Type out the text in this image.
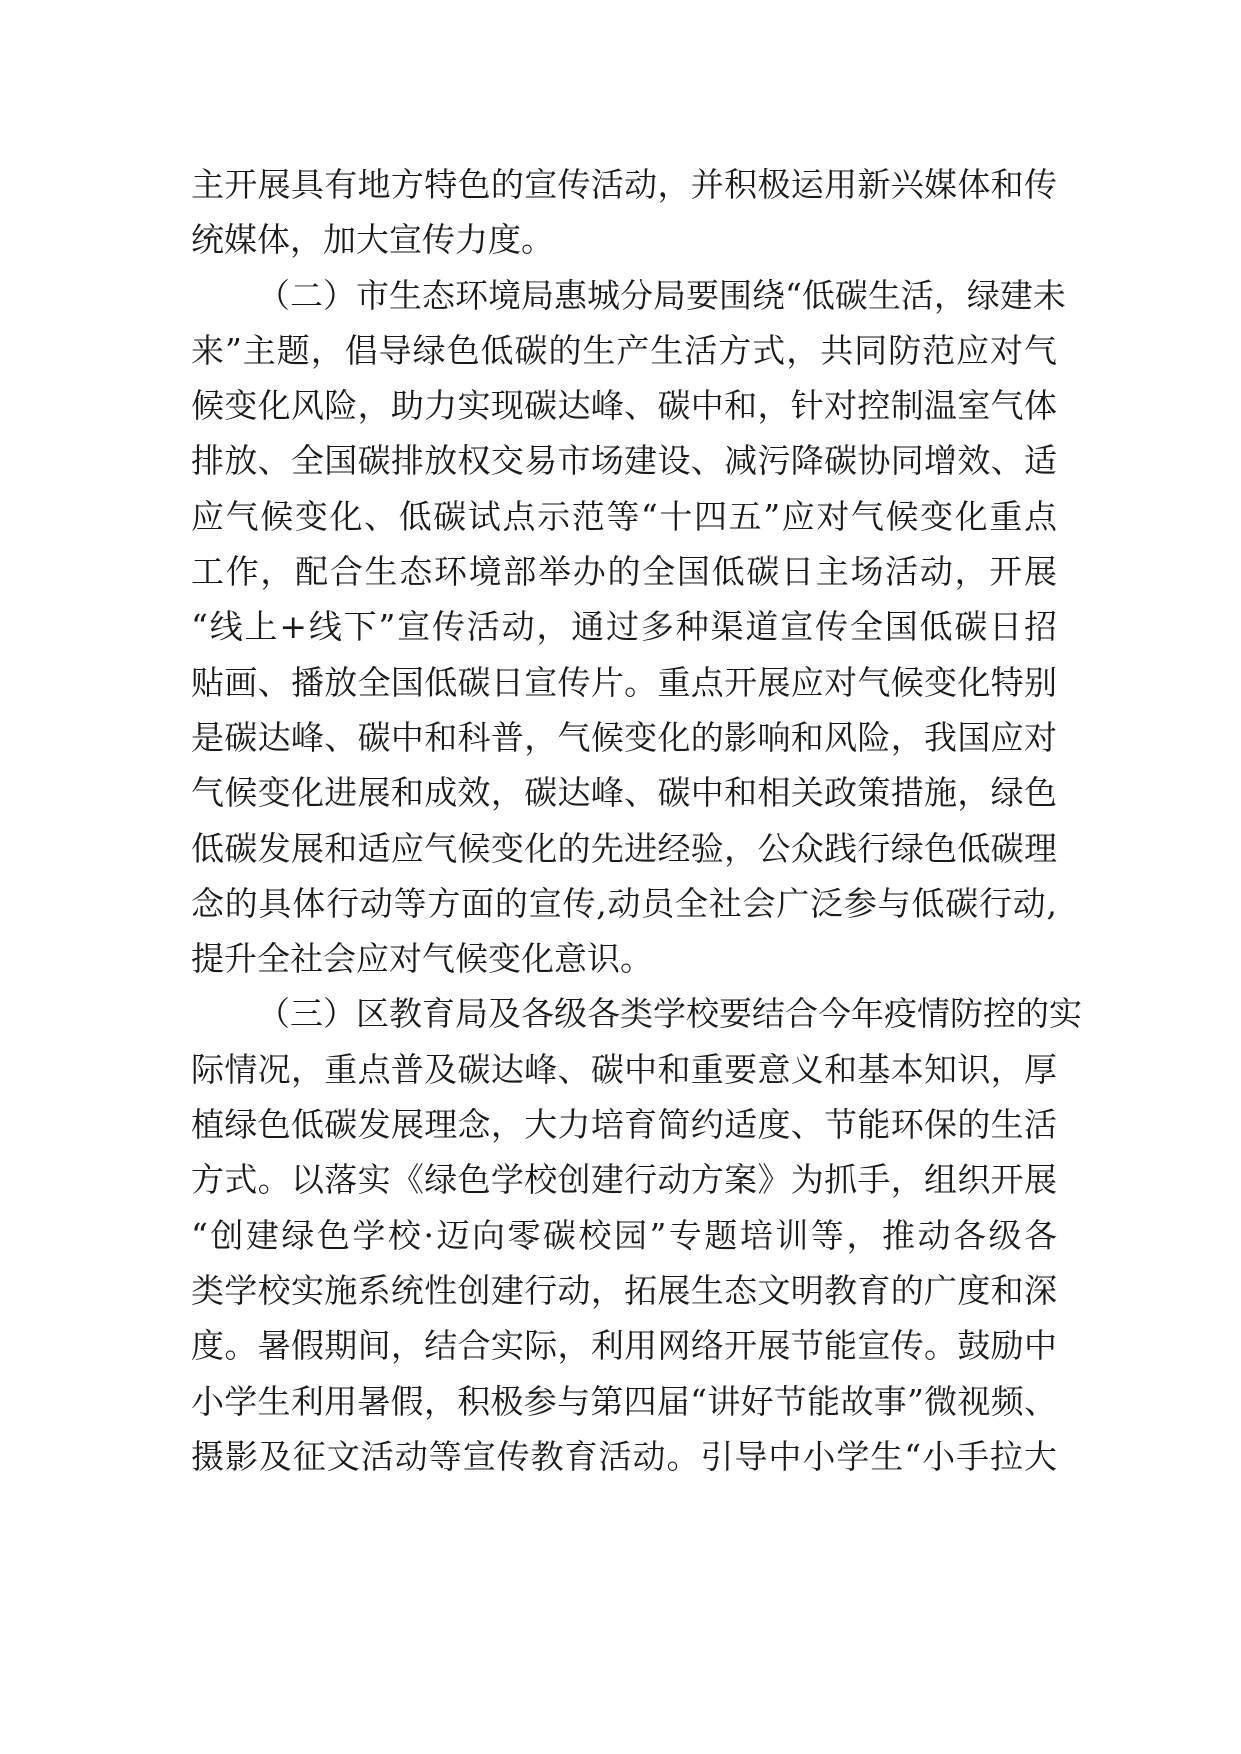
主开展具有地方特色的宣传活动，并积极运用新兴媒体和传
统媒体，加大宣传力度。
（二）市生态环境局惠城分局要围绕“低碳生活，绿建未
来”主题，倡导绿色低碳的生产生活方式，共同防范应对气
候变化风险，助力实现碳达峰、碳中和，针对控制温室气体
排放、全国碳排放权交易市场建设、减污降碳协同增效、适
应气候变化、低碳试点示范等“十四五”应对气候变化重点
工作，配合生态环境部举办的全国低碳日主场活动，开展
“线上+线下”宣传活动，通过多种渠道宣传全国低碳日招
贴画、播放全国低碳日宣传片。重点开展应对气候变化特别
是碳达峰、碳中和科普，气候变化的影响和风险，我国应对
气候变化进展和成效，碳达峰、碳中和相关政策措施，绿色
低碳发展和适应气候变化的先进经验，公众践行绿色低碳理
念的具体行动等方面的宣传,动员全社会广泛参与低碳行动,
提升全社会应对气候变化意识。
（三）区教育局及各级各类学校要结合今年疫情防控的实
际情况，重点普及碳达峰、碳中和重要意义和基本知识，厚
植绿色低碳发展理念，大力培育简约适度、节能环保的生活
方式。以落实《绿色学校创建行动方案》为抓手，组织开展
“创建绿色学校·迈向零碳校园”专题培训等，推动各级各
类学校实施系统性创建行动，拓展生态文明教育的广度和深
度。暑假期间，结合实际，利用网络开展节能宣传。鼓励中
小学生利用暑假，积极参与第四届“讲好节能故事”微视频、
摄影及征文活动等宣传教育活动。引导中小学生“小手拉大
